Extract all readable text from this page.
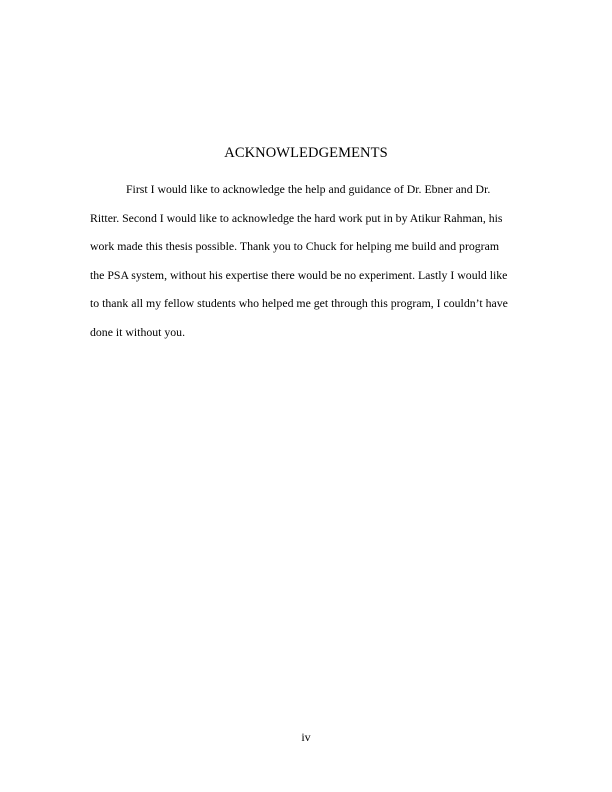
ACKNOWLEDGEMENTS
First I would like to acknowledge the help and guidance of Dr. Ebner and Dr.
Ritter. Second I would like to acknowledge the hard work put in by Atikur Rahman, his
work made this thesis possible. Thank you to Chuck for helping me build and program
the PSA system, without his expertise there would be no experiment. Lastly I would like
to thank all my fellow students who helped me get through this program, I couldn’t have
done it without you.
iv
